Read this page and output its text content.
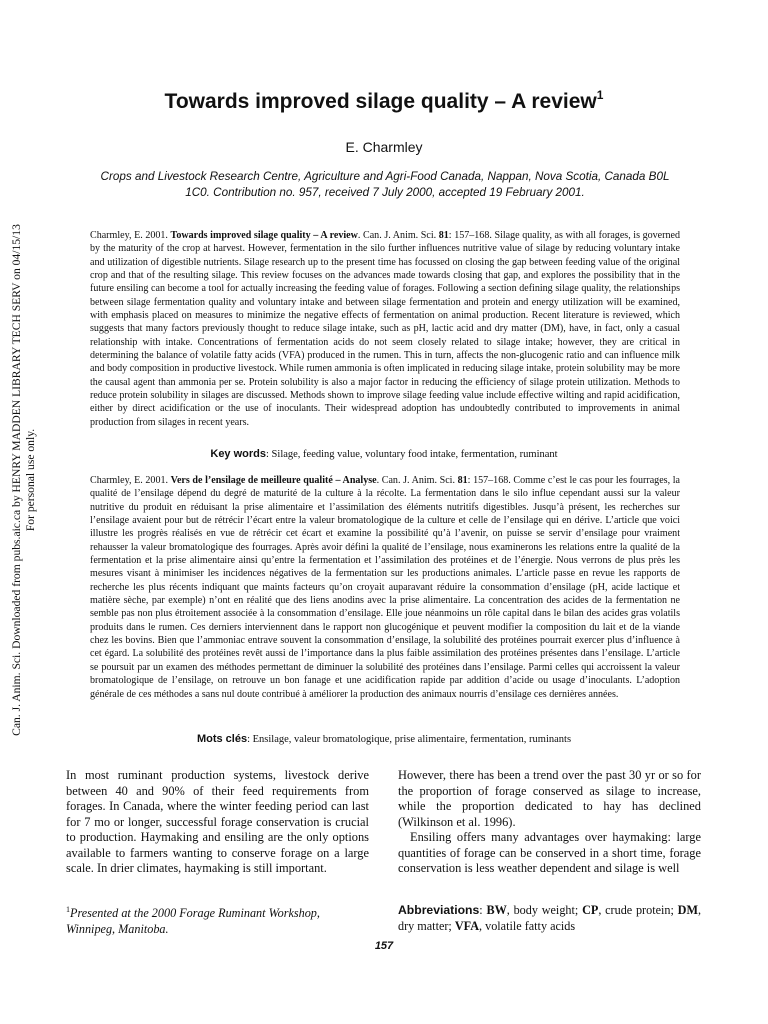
Towards improved silage quality – A review$^1$
E. Charmley
Crops and Livestock Research Centre, Agriculture and Agri-Food Canada, Nappan, Nova Scotia, Canada B0L 1C0. Contribution no. 957, received 7 July 2000, accepted 19 February 2001.
Charmley, E. 2001. Towards improved silage quality – A review. Can. J. Anim. Sci. 81: 157–168. Silage quality, as with all forages, is governed by the maturity of the crop at harvest. However, fermentation in the silo further influences nutritive value of silage by reducing voluntary intake and utilization of digestible nutrients. Silage research up to the present time has focussed on closing the gap between feeding value of the original crop and that of the resulting silage. This review focuses on the advances made towards closing that gap, and explores the possibility that in the future ensiling can become a tool for actually increasing the feeding value of forages. Following a section defining silage quality, the relationships between silage fermentation quality and voluntary intake and between silage fermentation and protein and energy utilization will be examined, with emphasis placed on measures to minimize the negative effects of fermentation on animal production. Recent literature is reviewed, which suggests that many factors previously thought to reduce silage intake, such as pH, lactic acid and dry matter (DM), have, in fact, only a casual relationship with intake. Concentrations of fermentation acids do not seem closely related to silage intake; however, they are critical in determining the balance of volatile fatty acids (VFA) produced in the rumen. This in turn, affects the non-glucogenic ratio and can influence milk and body composition in productive livestock. While rumen ammonia is often implicated in reducing silage intake, protein solubility may be more the causal agent than ammonia per se. Protein solubility is also a major factor in reducing the efficiency of silage protein utilization. Methods to reduce protein solubility in silages are discussed. Methods shown to improve silage feeding value include effective wilting and rapid acidification, either by direct acidification or the use of inoculants. Their widespread adoption has undoubtedly contributed to improvements in animal production from silages in recent years.
Key words: Silage, feeding value, voluntary food intake, fermentation, ruminant
Charmley, E. 2001. Vers de l’ensilage de meilleure qualité – Analyse. Can. J. Anim. Sci. 81: 157–168. Comme c’est le cas pour les fourrages, la qualité de l’ensilage dépend du degré de maturité de la culture à la récolte. La fermentation dans le silo influe cependant aussi sur la valeur nutritive du produit en réduisant la prise alimentaire et l’assimilation des éléments nutritifs digestibles. Jusqu’à présent, les recherches sur l’ensilage avaient pour but de rétrécir l’écart entre la valeur bromatologique de la culture et celle de l’ensilage qui en dérive. L’article que voici illustre les progrès réalisés en vue de rétrécir cet écart et examine la possibilité qu’à l’avenir, on puisse se servir d’ensilage pour vraiment rehausser la valeur bromatologique des fourrages. Après avoir défini la qualité de l’ensilage, nous examinerons les relations entre la qualité de la fermentation et la prise alimentaire ainsi qu’entre la fermentation et l’assimilation des protéines et de l’énergie. Nous verrons de plus près les mesures visant à minimiser les incidences négatives de la fermentation sur les productions animales. L’article passe en revue les rapports de recherche les plus récents indiquant que maints facteurs qu’on croyait auparavant réduire la consommation d’ensilage (pH, acide lactique et matière sèche, par exemple) n’ont en réalité que des liens anodins avec la prise alimentaire. La concentration des acides de la fermentation ne semble pas non plus étroitement associée à la consommation d’ensilage. Elle joue néanmoins un rôle capital dans le bilan des acides gras volatils produits dans le rumen. Ces derniers interviennent dans le rapport non glucogénique et peuvent modifier la composition du lait et de la viande chez les bovins. Bien que l’ammoniac entrave souvent la consommation d’ensilage, la solubilité des protéines pourrait exercer plus d’influence à cet égard. La solubilité des protéines revêt aussi de l’importance dans la plus faible assimilation des protéines présentes dans l’ensilage. L’article se poursuit par un examen des méthodes permettant de diminuer la solubilité des protéines dans l’ensilage. Parmi celles qui accroissent la valeur bromatologique de l’ensilage, on retrouve un bon fanage et une acidification rapide par addition d’acide ou usage d’inoculants. L’adoption générale de ces méthodes a sans nul doute contribué à améliorer la production des animaux nourris d’ensilage ces dernières années.
Mots clés: Ensilage, valeur bromatologique, prise alimentaire, fermentation, ruminants

In most ruminant production systems, livestock derive between 40 and 90% of their feed requirements from forages. In Canada, where the winter feeding period can last for 7 mo or longer, successful forage conservation is crucial to production. Haymaking and ensiling are the only options available to farmers wanting to conserve forage on a large scale. In drier climates, haymaking is still important.

However, there has been a trend over the past 30 yr or so for the proportion of forage conserved as silage to increase, while the proportion dedicated to hay has declined (Wilkinson et al. 1996).

Ensiling offers many advantages over haymaking: large quantities of forage can be conserved in a short time, forage conservation is less weather dependent and silage is well

$^1$Presented at the 2000 Forage Ruminant Workshop, Winnipeg, Manitoba.
Abbreviations: BW, body weight; CP, crude protein; DM, dry matter; VFA, volatile fatty acids
157
Can. J. Anim. Sci. Downloaded from pubs.aic.ca by HENRY MADDEN LIBRARY TECH SERV on 04/15/13 For personal use only.
